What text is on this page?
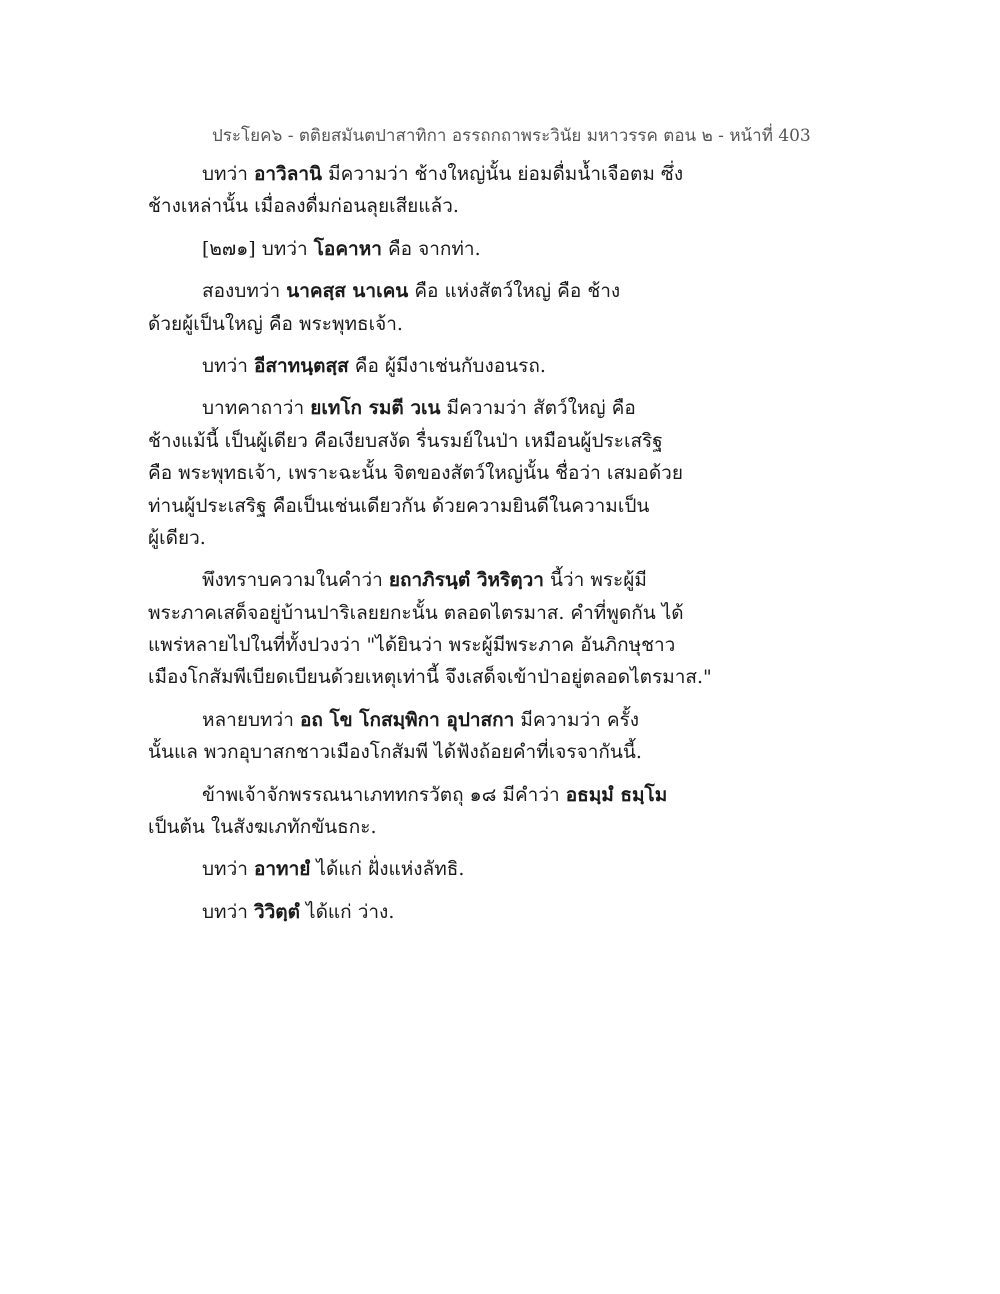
ประโยค๖ - ตติยสมันตปาสาทิกา อรรถกถาพระวินัย มหาวรรค ตอน ๒ - หน้าที่ 403
บทว่า อาวิลานิ มีความว่า ช้างใหญ่นั้น ย่อมดื่มน้ำเจือตม ซึ่ง
ช้างเหล่านั้น เมื่อลงดื่มก่อนลุยเสียแล้ว.
[๒๗๑] บทว่า โอคาหา คือ จากท่า.
สองบทว่า นาคสฺส นาเคน คือ แห่งสัตว์ใหญ่ คือ ช้าง
ด้วยผู้เป็นใหญ่ คือ พระพุทธเจ้า.
บทว่า อีสาทนฺตสฺส คือ ผู้มีงาเช่นกับงอนรถ.
บาทคาถาว่า ยเทโก รมตี วเน มีความว่า สัตว์ใหญ่ คือ
ช้างแม้นี้ เป็นผู้เดียว คือเงียบสงัด รื่นรมย์ในป่า เหมือนผู้ประเสริฐ
คือ พระพุทธเจ้า, เพราะฉะนั้น จิตของสัตว์ใหญ่นั้น ชื่อว่า เสมอด้วย
ท่านผู้ประเสริฐ คือเป็นเช่นเดียวกัน ด้วยความยินดีในความเป็น
ผู้เดียว.
พึงทราบความในคำว่า ยถาภิรนฺตํ วิหริตฺวา นี้ว่า พระผู้มี
พระภาคเสด็จอยู่บ้านปาริเลยยกะนั้น ตลอดไตรมาส. คำที่พูดกัน ได้
แพร่หลายไปในที่ทั้งปวงว่า "ได้ยินว่า พระผู้มีพระภาค อันภิกษุชาว
เมืองโกสัมพีเบียดเบียนด้วยเหตุเท่านี้ จึงเสด็จเข้าป่าอยู่ตลอดไตรมาส."
หลายบทว่า อถ โข โกสมฺพิกา อุปาสกา มีความว่า ครั้ง
นั้นแล พวกอุบาสกชาวเมืองโกสัมพี ได้ฟังถ้อยคำที่เจรจากันนี้.
ข้าพเจ้าจักพรรณนาเภททกรวัตถุ ๑๘ มีคำว่า อธมฺมํ ธมฺโม
เป็นต้น ในสังฆเภทักขันธกะ.
บทว่า อาทายํ ได้แก่ ฝั่งแห่งลัทธิ.
บทว่า วิวิตฺตํ ได้แก่ ว่าง.
